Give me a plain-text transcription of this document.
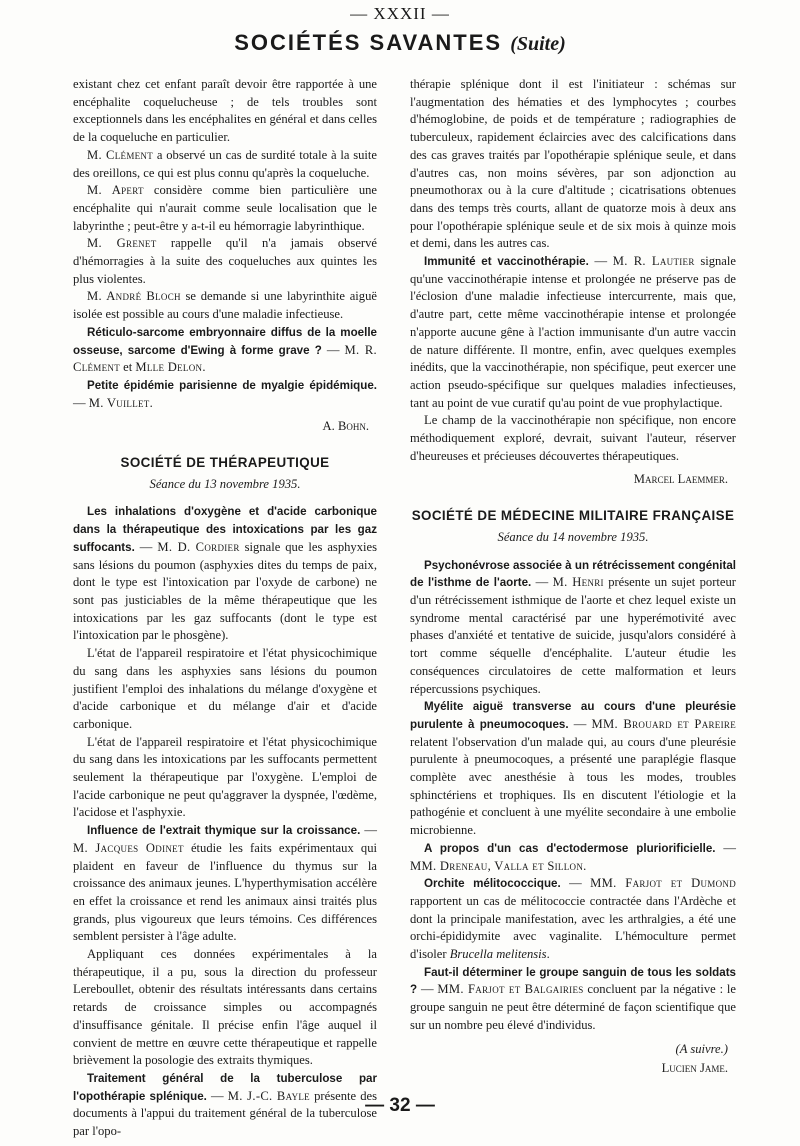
— XXXII —
SOCIÉTÉS SAVANTES (Suite)

existant chez cet enfant paraît devoir être rapportée à une encéphalite coquelucheuse ; de tels troubles sont exceptionnels dans les encéphalites en général et dans celles de la coqueluche en particulier.

M. Clément a observé un cas de surdité totale à la suite des oreillons, ce qui est plus connu qu'après la coqueluche.

M. Apert considère comme bien particulière une encéphalite qui n'aurait comme seule localisation que le labyrinthe ; peut-être y a-t-il eu hémorragie labyrinthique.

M. Grenet rappelle qu'il n'a jamais observé d'hémorragies à la suite des coqueluches aux quintes les plus violentes.

M. André Bloch se demande si une labyrinthite aiguë isolée est possible au cours d'une maladie infectieuse.

Réticulo-sarcome embryonnaire diffus de la moelle osseuse, sarcome d'Ewing à forme grave ? — M. R. Clément et Mlle Delon.

Petite épidémie parisienne de myalgie épidémique. — M. Vuillet.

A. Bohn.
SOCIÉTÉ DE THÉRAPEUTIQUE
Séance du 13 novembre 1935.

Les inhalations d'oxygène et d'acide carbonique dans la thérapeutique des intoxications par les gaz suffocants. — M. D. Cordier signale que les asphyxies sans lésions du poumon (asphyxies dites du temps de paix, dont le type est l'intoxication par l'oxyde de carbone) ne sont pas justiciables de la même thérapeutique que les intoxications par les gaz suffocants (dont le type est l'intoxication par le phosgène).

L'état de l'appareil respiratoire et l'état physicochimique du sang dans les asphyxies sans lésions du poumon justifient l'emploi des inhalations du mélange d'oxygène et d'acide carbonique et du mélange d'air et d'acide carbonique.

L'état de l'appareil respiratoire et l'état physicochimique du sang dans les intoxications par les suffocants permettent seulement la thérapeutique par l'oxygène. L'emploi de l'acide carbonique ne peut qu'aggraver la dyspnée, l'œdème, l'acidose et l'asphyxie.

Influence de l'extrait thymique sur la croissance. — M. Jacques Odinet étudie les faits expérimentaux qui plaident en faveur de l'influence du thymus sur la croissance des animaux jeunes. L'hyperthymisation accélère en effet la croissance et rend les animaux ainsi traités plus grands, plus vigoureux que leurs témoins. Ces différences semblent persister à l'âge adulte.

Appliquant ces données expérimentales à la thérapeutique, il a pu, sous la direction du professeur Lereboullet, obtenir des résultats intéressants dans certains retards de croissance simples ou accompagnés d'insuffisance génitale. Il précise enfin l'âge auquel il convient de mettre en œuvre cette thérapeutique et rappelle brièvement la posologie des extraits thymiques.

Traitement général de la tuberculose par l'opothérapie splénique. — M. J.-C. Bayle présente des documents à l'appui du traitement général de la tuberculose par l'opo-

thérapie splénique dont il est l'initiateur : schémas sur l'augmentation des hématies et des lymphocytes ; courbes d'hémoglobine, de poids et de température ; radiographies de tuberculeux, rapidement éclaircies avec des calcifications dans des cas graves traités par l'opothérapie splénique seule, et dans d'autres cas, non moins sévères, par son adjonction au pneumothorax ou à la cure d'altitude ; cicatrisations obtenues dans des temps très courts, allant de quatorze mois à deux ans pour l'opothérapie splénique seule et de six mois à quinze mois et demi, dans les autres cas.

Immunité et vaccinothérapie. — M. R. Lautier signale qu'une vaccinothérapie intense et prolongée ne préserve pas de l'éclosion d'une maladie infectieuse intercurrente, mais que, d'autre part, cette même vaccinothérapie intense et prolongée n'apporte aucune gêne à l'action immunisante d'un autre vaccin de nature différente. Il montre, enfin, avec quelques exemples inédits, que la vaccinothérapie, non spécifique, peut exercer une action pseudo-spécifique sur quelques maladies infectieuses, tant au point de vue curatif qu'au point de vue prophylactique.

Le champ de la vaccinothérapie non spécifique, non encore méthodiquement exploré, devrait, suivant l'auteur, réserver d'heureuses et précieuses découvertes thérapeutiques.

Marcel Laemmer.
SOCIÉTÉ DE MÉDECINE MILITAIRE FRANÇAISE
Séance du 14 novembre 1935.

Psychonévrose associée à un rétrécissement congénital de l'isthme de l'aorte. — M. Henri présente un sujet porteur d'un rétrécissement isthmique de l'aorte et chez lequel existe un syndrome mental caractérisé par une hyperémotivité avec phases d'anxiété et tentative de suicide, jusqu'alors considéré à tort comme séquelle d'encéphalite. L'auteur étudie les conséquences circulatoires de cette malformation et leurs répercussions psychiques.

Myélite aiguë transverse au cours d'une pleurésie purulente à pneumocoques. — MM. Brouard et Pareire relatent l'observation d'un malade qui, au cours d'une pleurésie purulente à pneumocoques, a présenté une paraplégie flasque complète avec anesthésie à tous les modes, troubles sphinctériens et trophiques. Ils en discutent l'étiologie et la pathogénie et concluent à une myélite secondaire à une embolie microbienne.

A propos d'un cas d'ectodermose pluriorificielle. — MM. Dreneau, Valla et Sillon.

Orchite mélitococcique. — MM. Farjot et Dumond rapportent un cas de mélitococcie contractée dans l'Ardèche et dont la principale manifestation, avec les arthralgies, a été une orchi-épididymite avec vaginalite. L'hémoculture permet d'isoler Brucella melitensis.

Faut-il déterminer le groupe sanguin de tous les soldats ? — MM. Farjot et Balgairies concluent par la négative : le groupe sanguin ne peut être déterminé de façon scientifique que sur un nombre peu élevé d'individus.

(A suivre.)
Lucien Jame.
— 32 —
